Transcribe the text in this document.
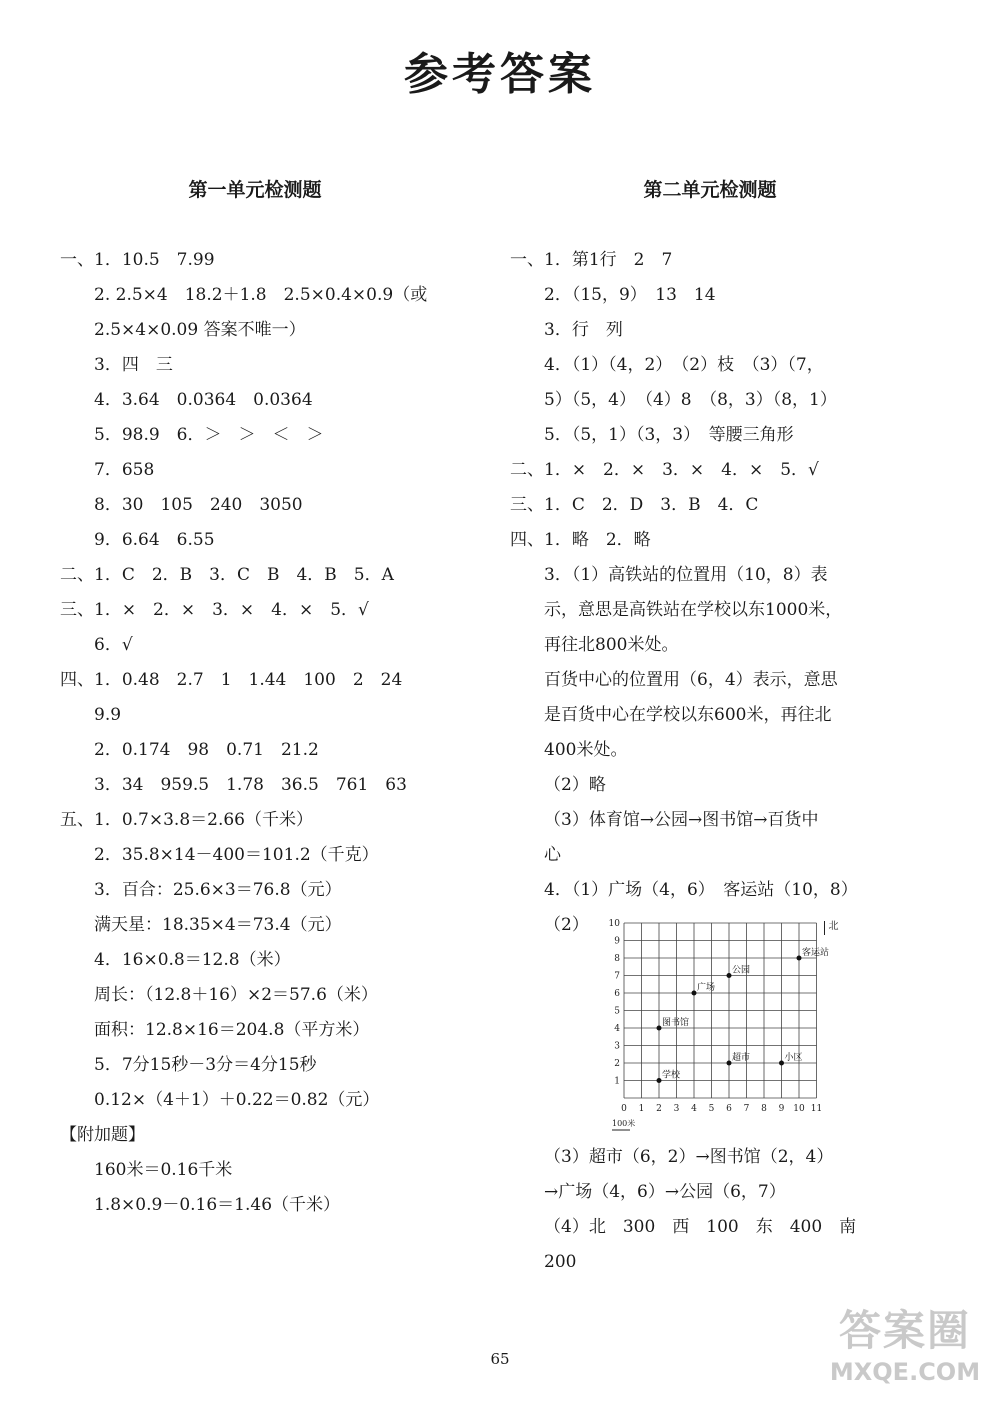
参考答案
第一单元检测题
一、1．10.5　7.99
2. 2.5×4　18.2＋1.8　2.5×0.4×0.9（或
2.5×4×0.09 答案不唯一）
3．四　三
4．3.64　0.0364　0.0364
5．98.9　6．＞　＞　＜　＞
7．658
8．30　105　240　3050
9．6.64　6.55
二、1．C　2．B　3．C　B　4．B　5．A
三、1．×　2．×　3．×　4．×　5．√
6．√
四、1．0.48　2.7　1　1.44　100　2　24
9.9
2．0.174　98　0.71　21.2
3．34　959.5　1.78　36.5　761　63
五、1．0.7×3.8＝2.66（千米）
2．35.8×14－400＝101.2（千克）
3．百合：25.6×3＝76.8（元）
满天星：18.35×4＝73.4（元）
4．16×0.8＝12.8（米）
周长：（12.8＋16）×2＝57.6（米）
面积：12.8×16＝204.8（平方米）
5．7分15秒－3分＝4分15秒
0.12×（4＋1）＋0.22＝0.82（元）
【附加题】
160米＝0.16千米
1.8×0.9－0.16＝1.46（千米）
第二单元检测题
一、1．第1行　2　7
2．（15，9）　13　14
3．行　列
4．（1）（4，2）　（2）枝　（3）（7，
5）（5，4）　（4）8　（8，3）（8，1）
5．（5，1）（3，3）　等腰三角形
二、1．×　2．×　3．×　4．×　5．√
三、1．C　2．D　3．B　4．C
四、1．略　2．略
3．（1）高铁站的位置用（10，8）表
示，意思是高铁站在学校以东1000米，
再往北800米处。
百货中心的位置用（6，4）表示，意思
是百货中心在学校以东600米，再往北
400米处。
（2）略
（3）体育馆→公园→图书馆→百货中
心
4．（1）广场（4，6）　客运站（10，8）
（2）
0 1 2 3 4 5 6 7 8 9 10 11
1
2
3
4
5
6
7
8
9
10	北
100米
广场
公园
客运站
图书馆
超市
学校
小区
（3）超市（6，2）→图书馆（2，4）
→广场（4，6）→公园（6，7）
（4）北　300　西　100　东　400　南
200
65
答案圈
MXQE.COM
